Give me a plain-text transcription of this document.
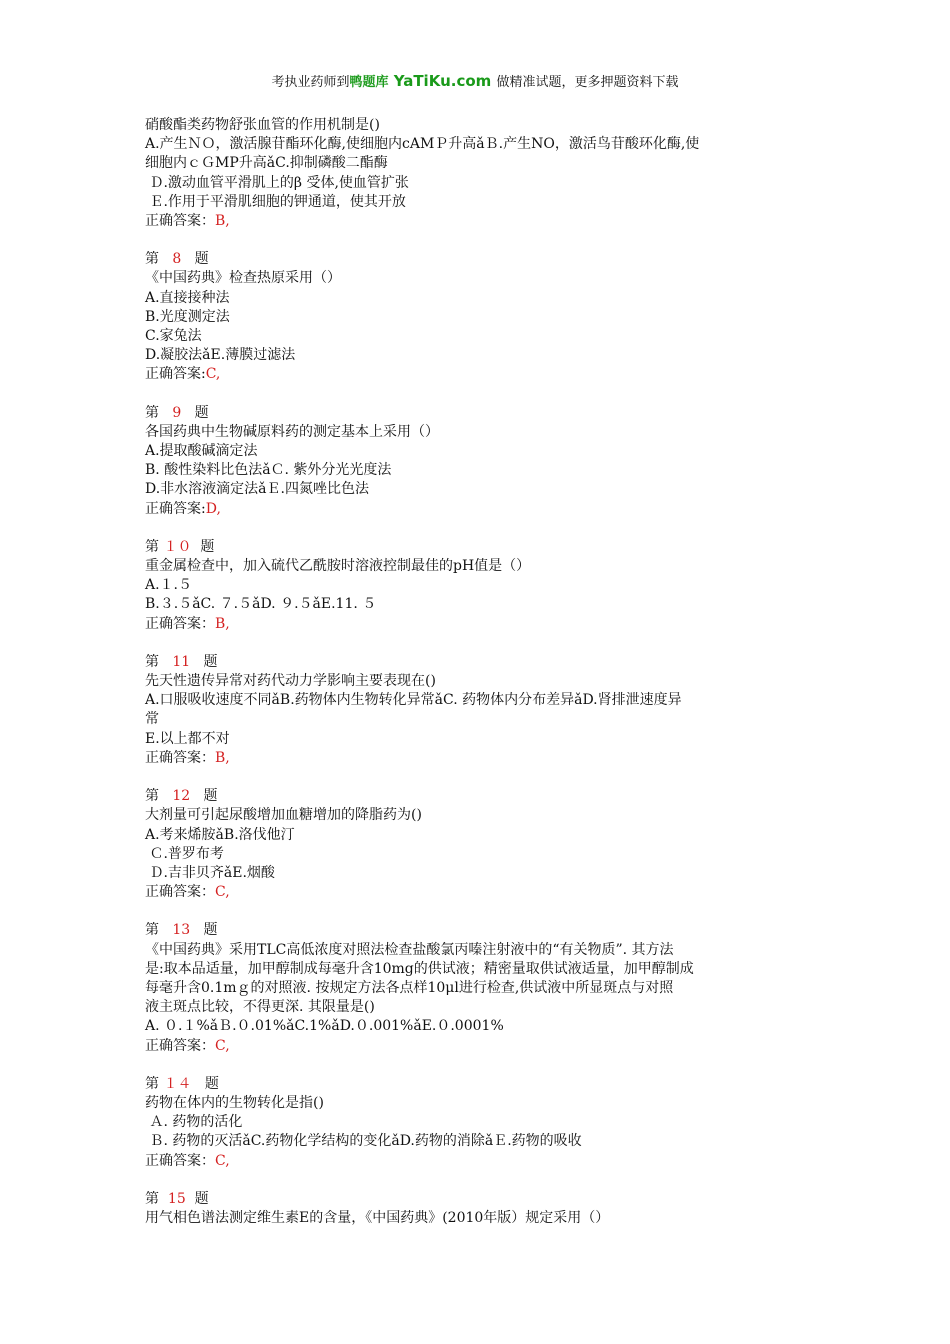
考执业药师到鸭题库 YaTiKu.com 做精准试题，更多押题资料下载

硝酸酯类药物舒张血管的作用机制是()

A.产生ＮＯ，激活腺苷酯环化酶,使细胞内cAMＰ升高ǎＢ.产生NO，激活鸟苷酸环化酶,使

细胞内ｃＧMP升高ǎC.抑制磷酸二酯酶

Ｄ.激动血管平滑肌上的β 受体,使血管扩张

Ｅ.作用于平滑肌细胞的钾通道，使其开放

正确答案：B,

第 8 题

《中国药典》检查热原采用（）

A.直接接种法

B.光度测定法

C.家兔法

D.凝胶法ǎE.薄膜过滤法

正确答案:C,

第 9 题

各国药典中生物碱原料药的测定基本上采用（）

A.提取酸碱滴定法

B. 酸性染料比色法ǎＣ. 紫外分光光度法

D.非水溶液滴定法ǎＥ.四氮唑比色法

正确答案:D,

第 １０ 题

重金属检查中，加入硫代乙酰胺时溶液控制最佳的pH值是（）

A.１.５

B.３.５ǎC. ７.５ǎD. ９.５ǎE.11. ５

正确答案：B,

第 11 题

先天性遗传异常对药代动力学影响主要表现在()

A.口服吸收速度不同ǎB.药物体内生物转化异常ǎC. 药物体内分布差异ǎD.肾排泄速度异

常

E.以上都不对

正确答案：B,

第 12 题

大剂量可引起尿酸增加血糖增加的降脂药为()

A.考来烯胺ǎB.洛伐他汀

Ｃ.普罗布考

Ｄ.吉非贝齐ǎE.烟酸

正确答案：C,

第 13 题

《中国药典》采用TLC高低浓度对照法检查盐酸氯丙嗪注射液中的“有关物质”. 其方法

是:取本品适量，加甲醇制成每毫升含10mg的供试液；精密量取供试液适量，加甲醇制成

每毫升含0.1mｇ的对照液. 按规定方法各点样10μl进行检查,供试液中所显斑点与对照

液主斑点比较，不得更深. 其限量是()

A. ０.１%ǎＢ.０.01%ǎC.1%ǎD.０.001%ǎE.０.0001%

正确答案：C,

第 １４ 题

药物在体内的生物转化是指()

Ａ. 药物的活化

Ｂ. 药物的灭活ǎC.药物化学结构的变化ǎD.药物的消除ǎＥ.药物的吸收

正确答案：C,

第 15 题

用气相色谱法测定维生素E的含量，《中国药典》(2010年版）规定采用（）
